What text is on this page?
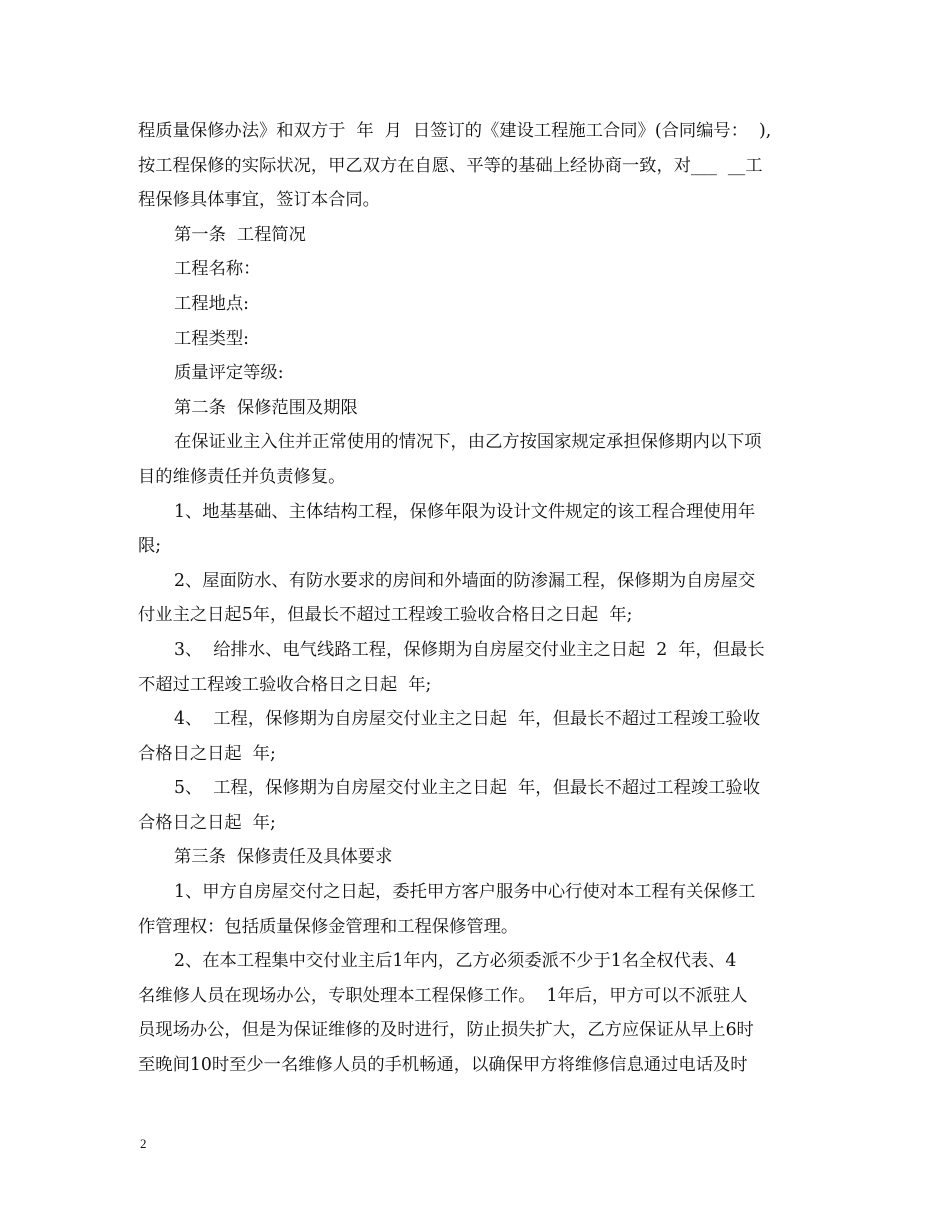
程质量保修办法》和双方于  年  月  日签订的《建设工程施工合同》(合同编号：  ),
按工程保修的实际状况，甲乙双方在自愿、平等的基础上经协商一致，对___  __工
程保修具体事宜，签订本合同。
第一条  工程简况
工程名称：
工程地点:
工程类型:
质量评定等级:
第二条  保修范围及期限
在保证业主入住并正常使用的情况下，由乙方按国家规定承担保修期内以下项
目的维修责任并负责修复。
1、地基基础、主体结构工程，保修年限为设计文件规定的该工程合理使用年
限;
2、屋面防水、有防水要求的房间和外墙面的防渗漏工程，保修期为自房屋交
付业主之日起5年，但最长不超过工程竣工验收合格日之日起  年;
3、  给排水、电气线路工程，保修期为自房屋交付业主之日起  2  年，但最长
不超过工程竣工验收合格日之日起  年;
4、  工程，保修期为自房屋交付业主之日起  年，但最长不超过工程竣工验收
合格日之日起  年;
5、  工程，保修期为自房屋交付业主之日起  年，但最长不超过工程竣工验收
合格日之日起  年;
第三条  保修责任及具体要求
1、甲方自房屋交付之日起，委托甲方客户服务中心行使对本工程有关保修工
作管理权：包括质量保修金管理和工程保修管理。
2、在本工程集中交付业主后1年内，乙方必须委派不少于1名全权代表、4
名维修人员在现场办公，专职处理本工程保修工作。  1年后，甲方可以不派驻人
员现场办公，但是为保证维修的及时进行，防止损失扩大，乙方应保证从早上6时
至晚间10时至少一名维修人员的手机畅通，以确保甲方将维修信息通过电话及时
2
